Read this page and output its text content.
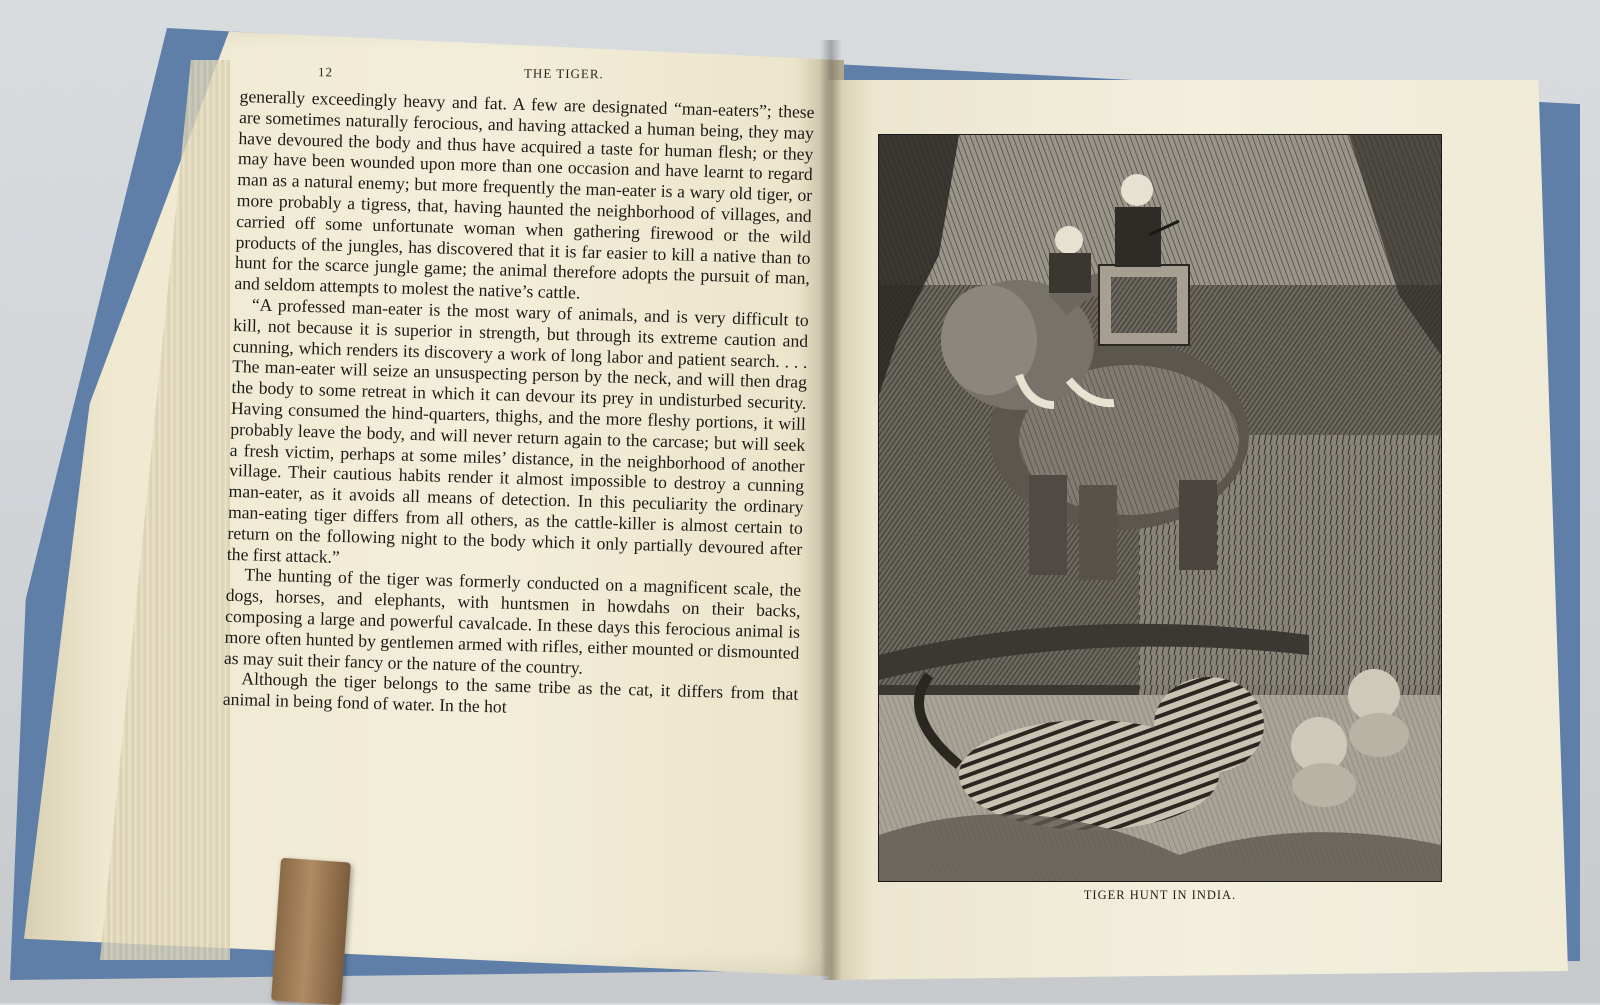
12	THE TIGER.

generally exceedingly heavy and fat. A few are designated “man-eaters”; these are sometimes naturally ferocious, and having attacked a human being, they may have devoured the body and thus have acquired a taste for human flesh; or they may have been wounded upon more than one occasion and have learnt to regard man as a natural enemy; but more frequently the man-eater is a wary old tiger, or more probably a tigress, that, having haunted the neighborhood of villages, and carried off some unfortunate woman when gathering firewood or the wild products of the jungles, has discovered that it is far easier to kill a native than to hunt for the scarce jungle game; the animal therefore adopts the pursuit of man, and seldom attempts to molest the native’s cattle.

“A professed man-eater is the most wary of animals, and is very difficult to kill, not because it is superior in strength, but through its extreme caution and cunning, which renders its discovery a work of long labor and patient search. . . . The man-eater will seize an unsuspecting person by the neck, and will then drag the body to some retreat in which it can devour its prey in undisturbed security. Having consumed the hind-quarters, thighs, and the more fleshy portions, it will probably leave the body, and will never return again to the carcase; but will seek a fresh victim, perhaps at some miles’ distance, in the neighborhood of another village. Their cautious habits render it almost impossible to destroy a cunning man-eater, as it avoids all means of detection. In this peculiarity the ordinary man-eating tiger differs from all others, as the cattle-killer is almost certain to return on the following night to the body which it only partially devoured after the first attack.”

The hunting of the tiger was formerly conducted on a magnificent scale, the dogs, horses, and elephants, with huntsmen in howdahs on their backs, composing a large and powerful cavalcade. In these days this ferocious animal is more often hunted by gentlemen armed with rifles, either mounted or dismounted as may suit their fancy or the nature of the country.

Although the tiger belongs to the same tribe as the cat, it differs from that animal in being fond of water. In the hot

TIGER HUNT IN INDIA.
